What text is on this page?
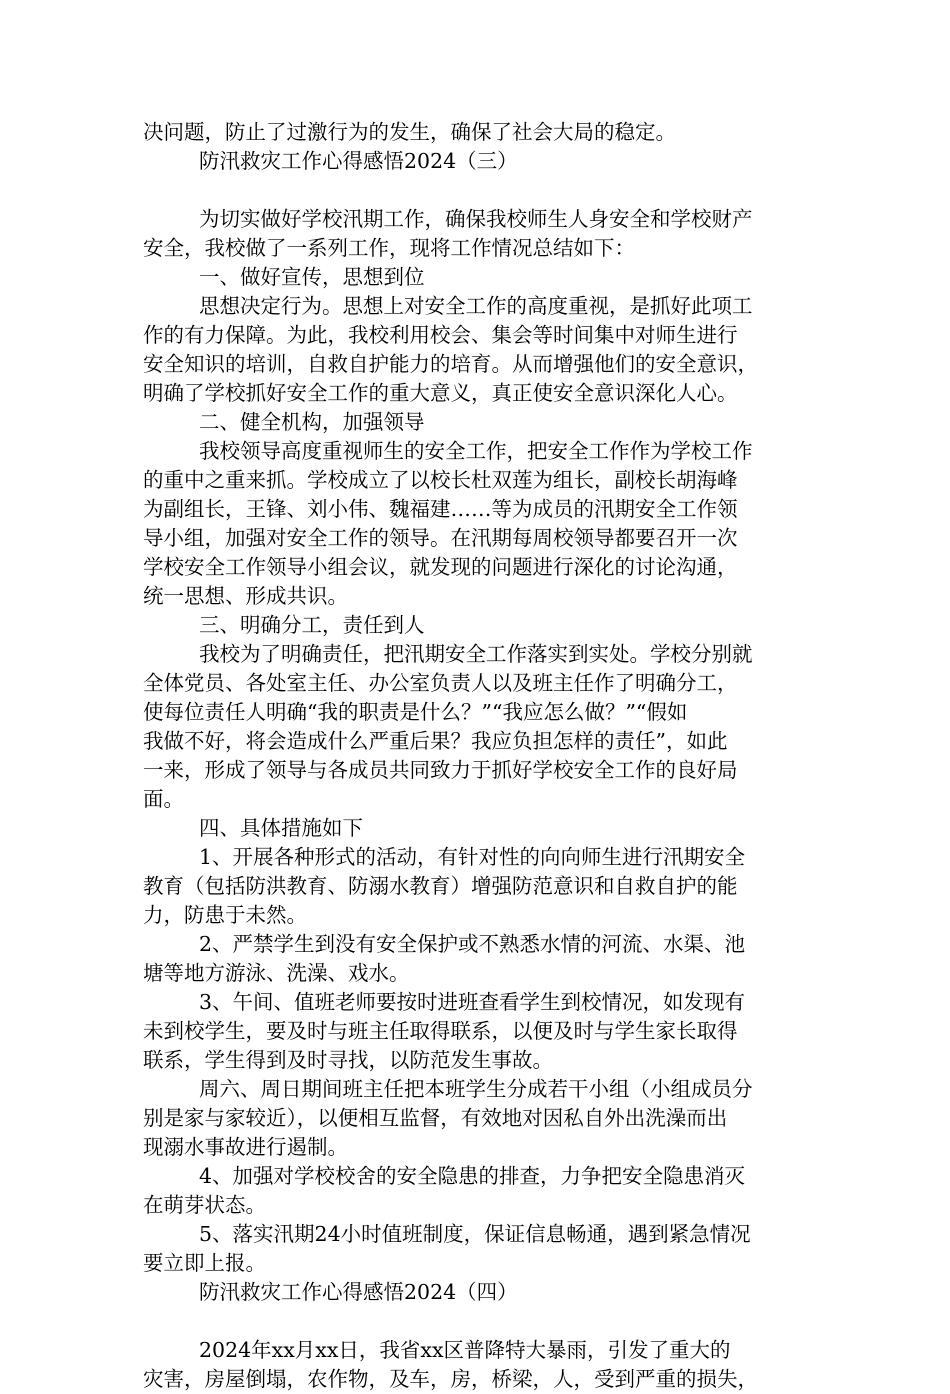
决问题，防止了过激行为的发生，确保了社会大局的稳定。
防汛救灾工作心得感悟2024（三）
为切实做好学校汛期工作，确保我校师生人身安全和学校财产
安全，我校做了一系列工作，现将工作情况总结如下：
一、做好宣传，思想到位
思想决定行为。思想上对安全工作的高度重视，是抓好此项工
作的有力保障。为此，我校利用校会、集会等时间集中对师生进行
安全知识的培训，自救自护能力的培育。从而增强他们的安全意识，
明确了学校抓好安全工作的重大意义，真正使安全意识深化人心。
二、健全机构，加强领导
我校领导高度重视师生的安全工作，把安全工作作为学校工作
的重中之重来抓。学校成立了以校长杜双莲为组长，副校长胡海峰
为副组长，王锋、刘小伟、魏福建……等为成员的汛期安全工作领
导小组，加强对安全工作的领导。在汛期每周校领导都要召开一次
学校安全工作领导小组会议，就发现的问题进行深化的讨论沟通，
统一思想、形成共识。
三、明确分工，责任到人
我校为了明确责任，把汛期安全工作落实到实处。学校分别就
全体党员、各处室主任、办公室负责人以及班主任作了明确分工，
使每位责任人明确“我的职责是什么？”“我应怎么做？”“假如
我做不好，将会造成什么严重后果？我应负担怎样的责任”，如此
一来，形成了领导与各成员共同致力于抓好学校安全工作的良好局
面。
四、具体措施如下
1、开展各种形式的活动，有针对性的向向师生进行汛期安全
教育（包括防洪教育、防溺水教育）增强防范意识和自救自护的能
力，防患于未然。
2、严禁学生到没有安全保护或不熟悉水情的河流、水渠、池
塘等地方游泳、洗澡、戏水。
3、午间、值班老师要按时进班查看学生到校情况，如发现有
未到校学生，要及时与班主任取得联系，以便及时与学生家长取得
联系，学生得到及时寻找，以防范发生事故。
周六、周日期间班主任把本班学生分成若干小组（小组成员分
别是家与家较近），以便相互监督，有效地对因私自外出洗澡而出
现溺水事故进行遏制。
4、加强对学校校舍的安全隐患的排查，力争把安全隐患消灭
在萌芽状态。
5、落实汛期24小时值班制度，保证信息畅通，遇到紧急情况
要立即上报。
防汛救灾工作心得感悟2024（四）
2024年xx月xx日，我省xx区普降特大暴雨，引发了重大的
灾害，房屋倒塌，农作物，及车，房，桥梁，人，受到严重的损失，
